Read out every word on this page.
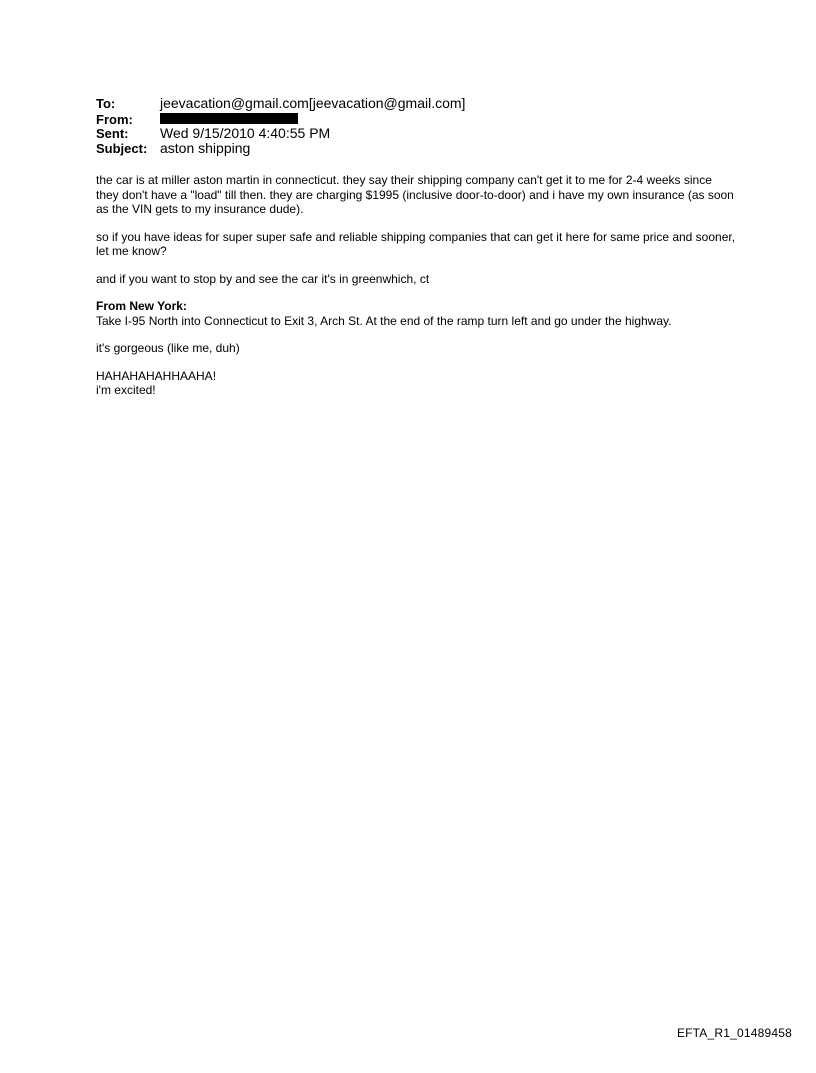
To:	jeevacation@gmail.com[jeevacation@gmail.com]
From:
Sent:	Wed 9/15/2010 4:40:55 PM
Subject: aston shipping

the car is at miller aston martin in connecticut. they say their shipping company can't get it to me for 2-4 weeks since they don't have a "load" till then. they are charging $1995 (inclusive door-to-door) and i have my own insurance (as soon as the VIN gets to my insurance dude).

so if you have ideas for super super safe and reliable shipping companies that can get it here for same price and sooner, let me know?

and if you want to stop by and see the car it's in greenwhich, ct

From New York:
Take I-95 North into Connecticut to Exit 3, Arch St. At the end of the ramp turn left and go under the highway.

it's gorgeous (like me, duh)

HAHAHAHAHHAAHA!
i'm excited!
EFTA_R1_01489458
